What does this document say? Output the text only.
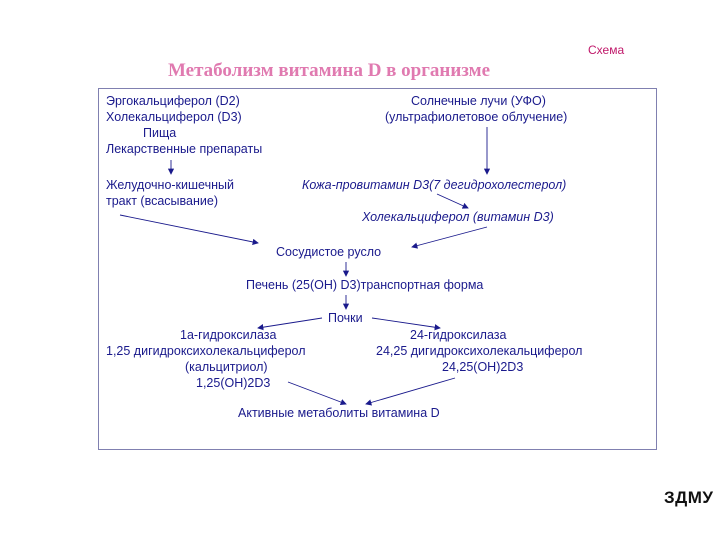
Схема
Метаболизм витамина D в организме
Эргокальциферол (D2)
Холекальциферол (D3)
Пища
Лекарственные препараты
Солнечные лучи (УФО)
(ультрафиолетовое облучение)
Желудочно-кишечный
тракт (всасывание)
Кожа-провитамин D3(7 дегидрохолестерол)
Холекальциферол (витамин D3)
Сосудистое русло
Печень (25(OH) D3)транспортная форма
Почки
1а-гидроксилаза
1,25 дигидроксихолекальциферол
(кальцитриол)
1,25(OH)2D3
24-гидроксилаза
24,25 дигидроксихолекальциферол
24,25(OH)2D3
Активные метаболиты витамина D
ЗДМУ
